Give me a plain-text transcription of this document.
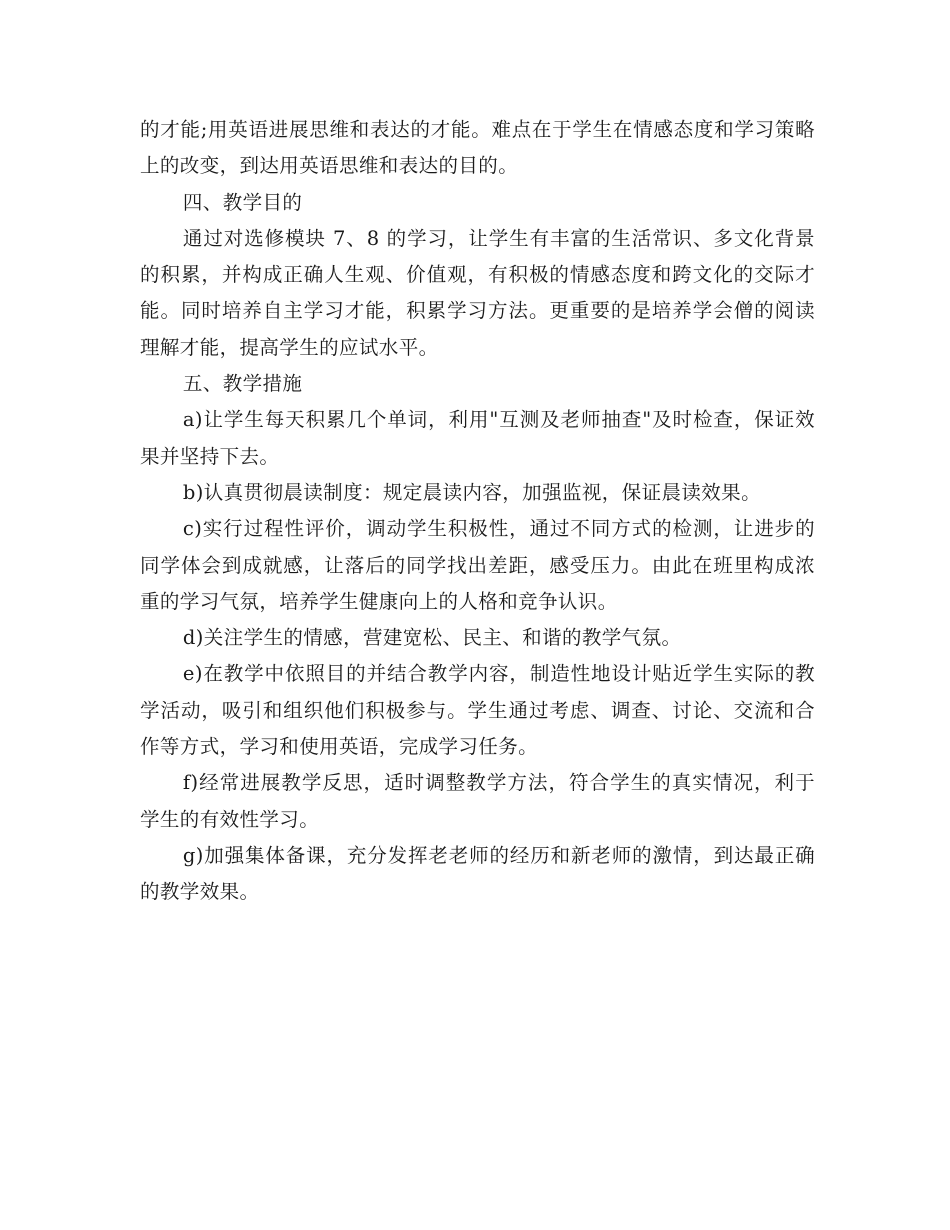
的才能;用英语进展思维和表达的才能。难点在于学生在情感态度和学习策略上的改变，到达用英语思维和表达的目的。

四、教学目的

通过对选修模块 7、8 的学习，让学生有丰富的生活常识、多文化背景的积累，并构成正确人生观、价值观，有积极的情感态度和跨文化的交际才能。同时培养自主学习才能，积累学习方法。更重要的是培养学会僧的阅读理解才能，提高学生的应试水平。

五、教学措施

a)让学生每天积累几个单词，利用"互测及老师抽查"及时检查，保证效果并坚持下去。

b)认真贯彻晨读制度：规定晨读内容，加强监视，保证晨读效果。

c)实行过程性评价，调动学生积极性，通过不同方式的检测，让进步的同学体会到成就感，让落后的同学找出差距，感受压力。由此在班里构成浓重的学习气氛，培养学生健康向上的人格和竞争认识。

d)关注学生的情感，营建宽松、民主、和谐的教学气氛。

e)在教学中依照目的并结合教学内容，制造性地设计贴近学生实际的教学活动，吸引和组织他们积极参与。学生通过考虑、调查、讨论、交流和合作等方式，学习和使用英语，完成学习任务。

f)经常进展教学反思，适时调整教学方法，符合学生的真实情况，利于学生的有效性学习。

g)加强集体备课，充分发挥老老师的经历和新老师的激情，到达最正确的教学效果。
